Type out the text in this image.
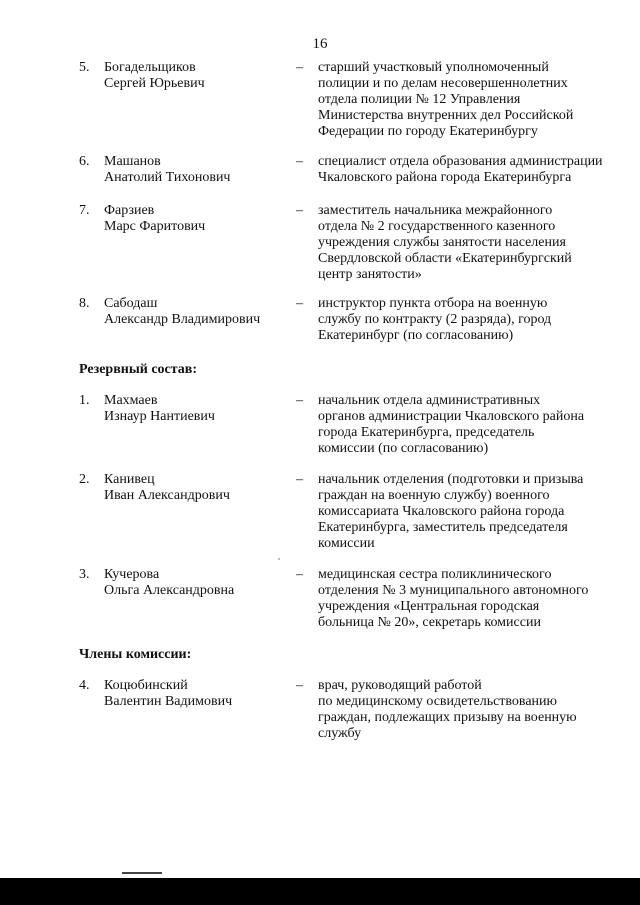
16
5. Богадельщиков
Сергей Юрьевич
– старший участковый уполномоченный
полиции и по делам несовершеннолетних
отдела полиции № 12 Управления
Министерства внутренних дел Российской
Федерации по городу Екатеринбургу
6. Машанов
Анатолий Тихонович
– специалист отдела образования администрации
Чкаловского района города Екатеринбурга
7. Фарзиев
Марс Фаритович
– заместитель начальника межрайонного
отдела № 2 государственного казенного
учреждения службы занятости населения
Свердловской области «Екатеринбургский
центр занятости»
8. Сабодаш
Александр Владимирович
– инструктор пункта отбора на военную
службу по контракту (2 разряда), город
Екатеринбург (по согласованию)
Резервный состав:
1. Махмаев
Изнаур Нантиевич
– начальник отдела административных
органов администрации Чкаловского района
города Екатеринбурга, председатель
комиссии (по согласованию)
2. Канивец
Иван Александрович
– начальник отделения (подготовки и призыва
граждан на военную службу) военного
комиссариата Чкаловского района города
Екатеринбурга, заместитель председателя
комиссии
3. Кучерова
Ольга Александровна
– медицинская сестра поликлинического
отделения № 3 муниципального автономного
учреждения «Центральная городская
больница № 20», секретарь комиссии
Члены комиссии:
4. Коцюбинский
Валентин Вадимович
– врач, руководящий работой
по медицинскому освидетельствованию
граждан, подлежащих призыву на военную
службу
